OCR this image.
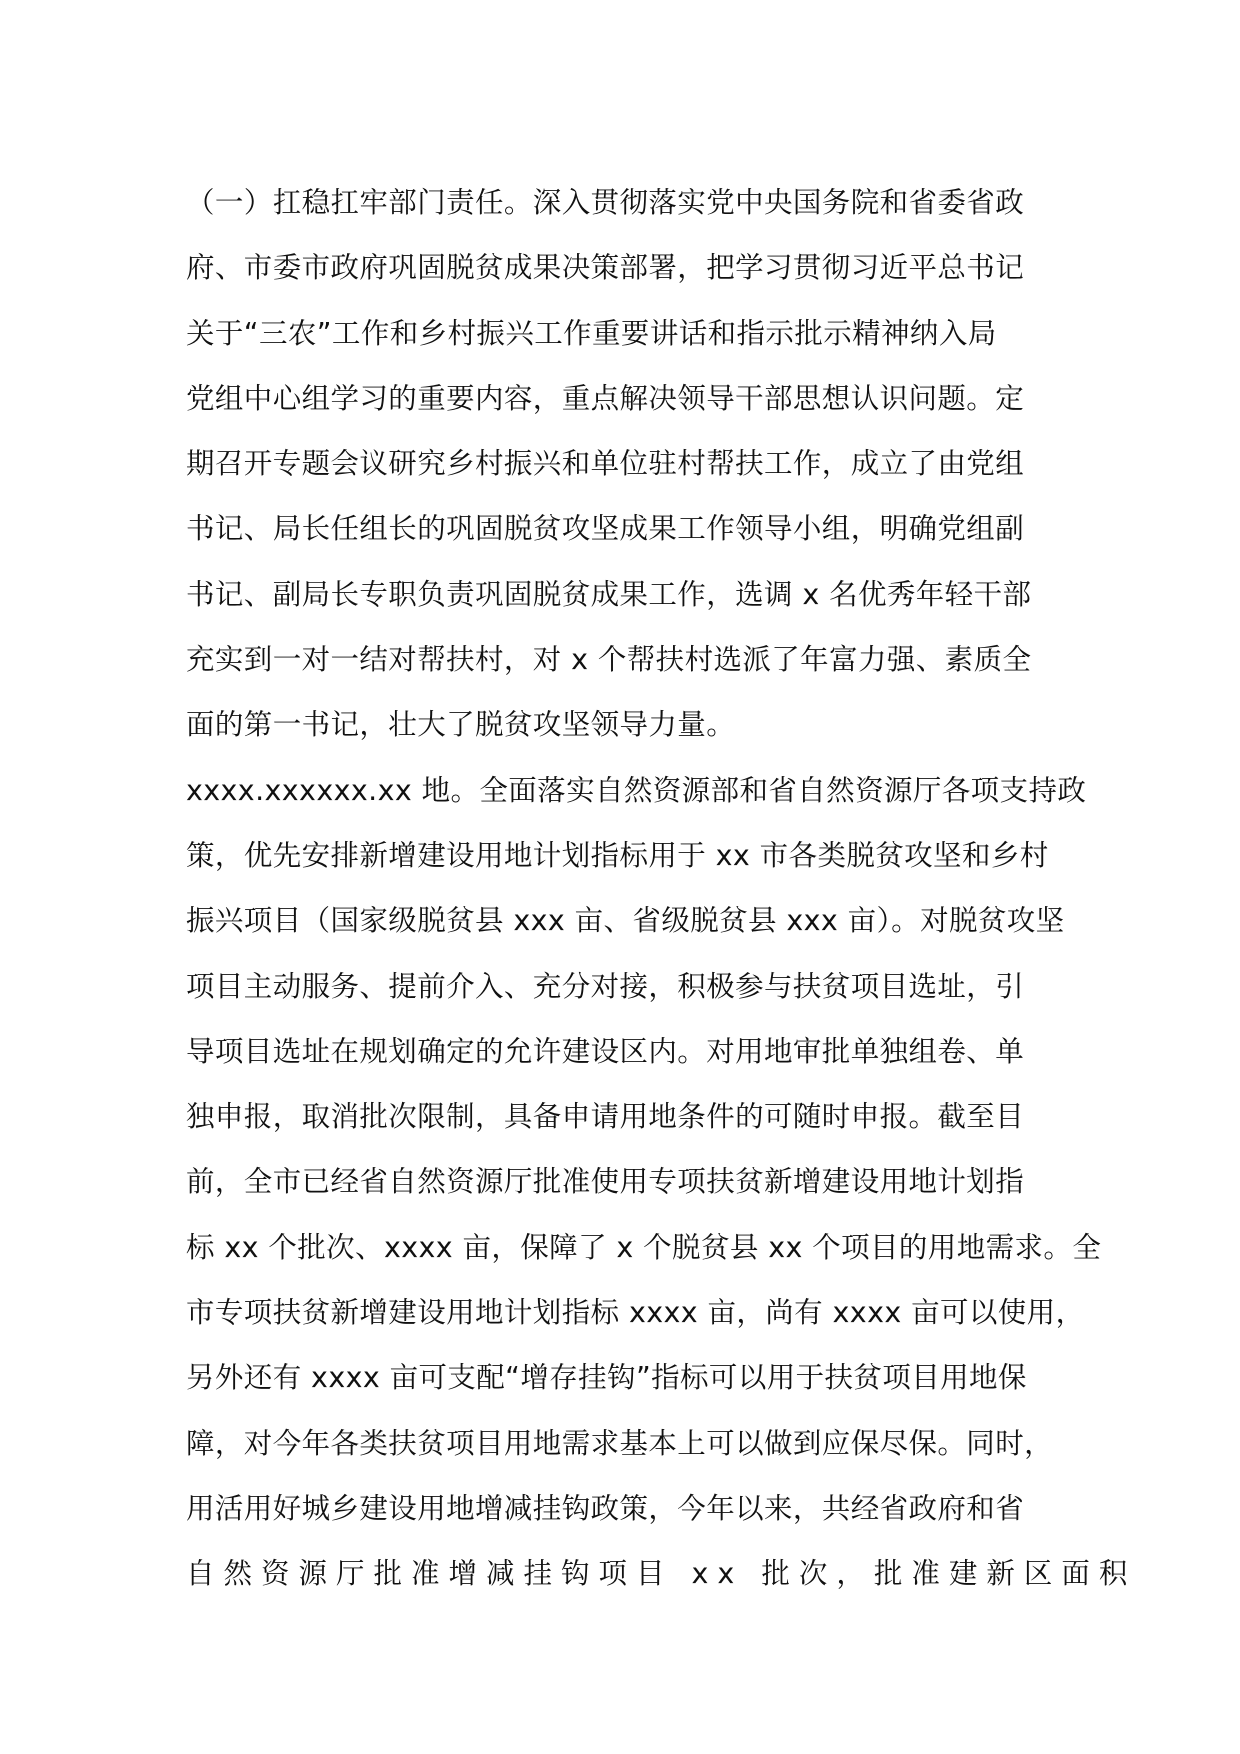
（一）扛稳扛牢部门责任。深入贯彻落实党中央国务院和省委省政
府、市委市政府巩固脱贫成果决策部署，把学习贯彻习近平总书记
关于“三农”工作和乡村振兴工作重要讲话和指示批示精神纳入局
党组中心组学习的重要内容，重点解决领导干部思想认识问题。定
期召开专题会议研究乡村振兴和单位驻村帮扶工作，成立了由党组
书记、局长任组长的巩固脱贫攻坚成果工作领导小组，明确党组副
书记、副局长专职负责巩固脱贫成果工作，选调 x 名优秀年轻干部
充实到一对一结对帮扶村，对 x 个帮扶村选派了年富力强、素质全
面的第一书记，壮大了脱贫攻坚领导力量。
xxxx.xxxxxx.xx 地。全面落实自然资源部和省自然资源厅各项支持政
策，优先安排新增建设用地计划指标用于 xx 市各类脱贫攻坚和乡村
振兴项目（国家级脱贫县 xxx 亩、省级脱贫县 xxx 亩）。对脱贫攻坚
项目主动服务、提前介入、充分对接，积极参与扶贫项目选址，引
导项目选址在规划确定的允许建设区内。对用地审批单独组卷、单
独申报，取消批次限制，具备申请用地条件的可随时申报。截至目
前，全市已经省自然资源厅批准使用专项扶贫新增建设用地计划指
标 xx 个批次、xxxx 亩，保障了 x 个脱贫县 xx 个项目的用地需求。全
市专项扶贫新增建设用地计划指标 xxxx 亩，尚有 xxxx 亩可以使用，
另外还有 xxxx 亩可支配“增存挂钩”指标可以用于扶贫项目用地保
障，对今年各类扶贫项目用地需求基本上可以做到应保尽保。同时，
用活用好城乡建设用地增减挂钩政策，今年以来，共经省政府和省
自然资源厅批准增减挂钩项目 xx 批次，批准建新区面积
